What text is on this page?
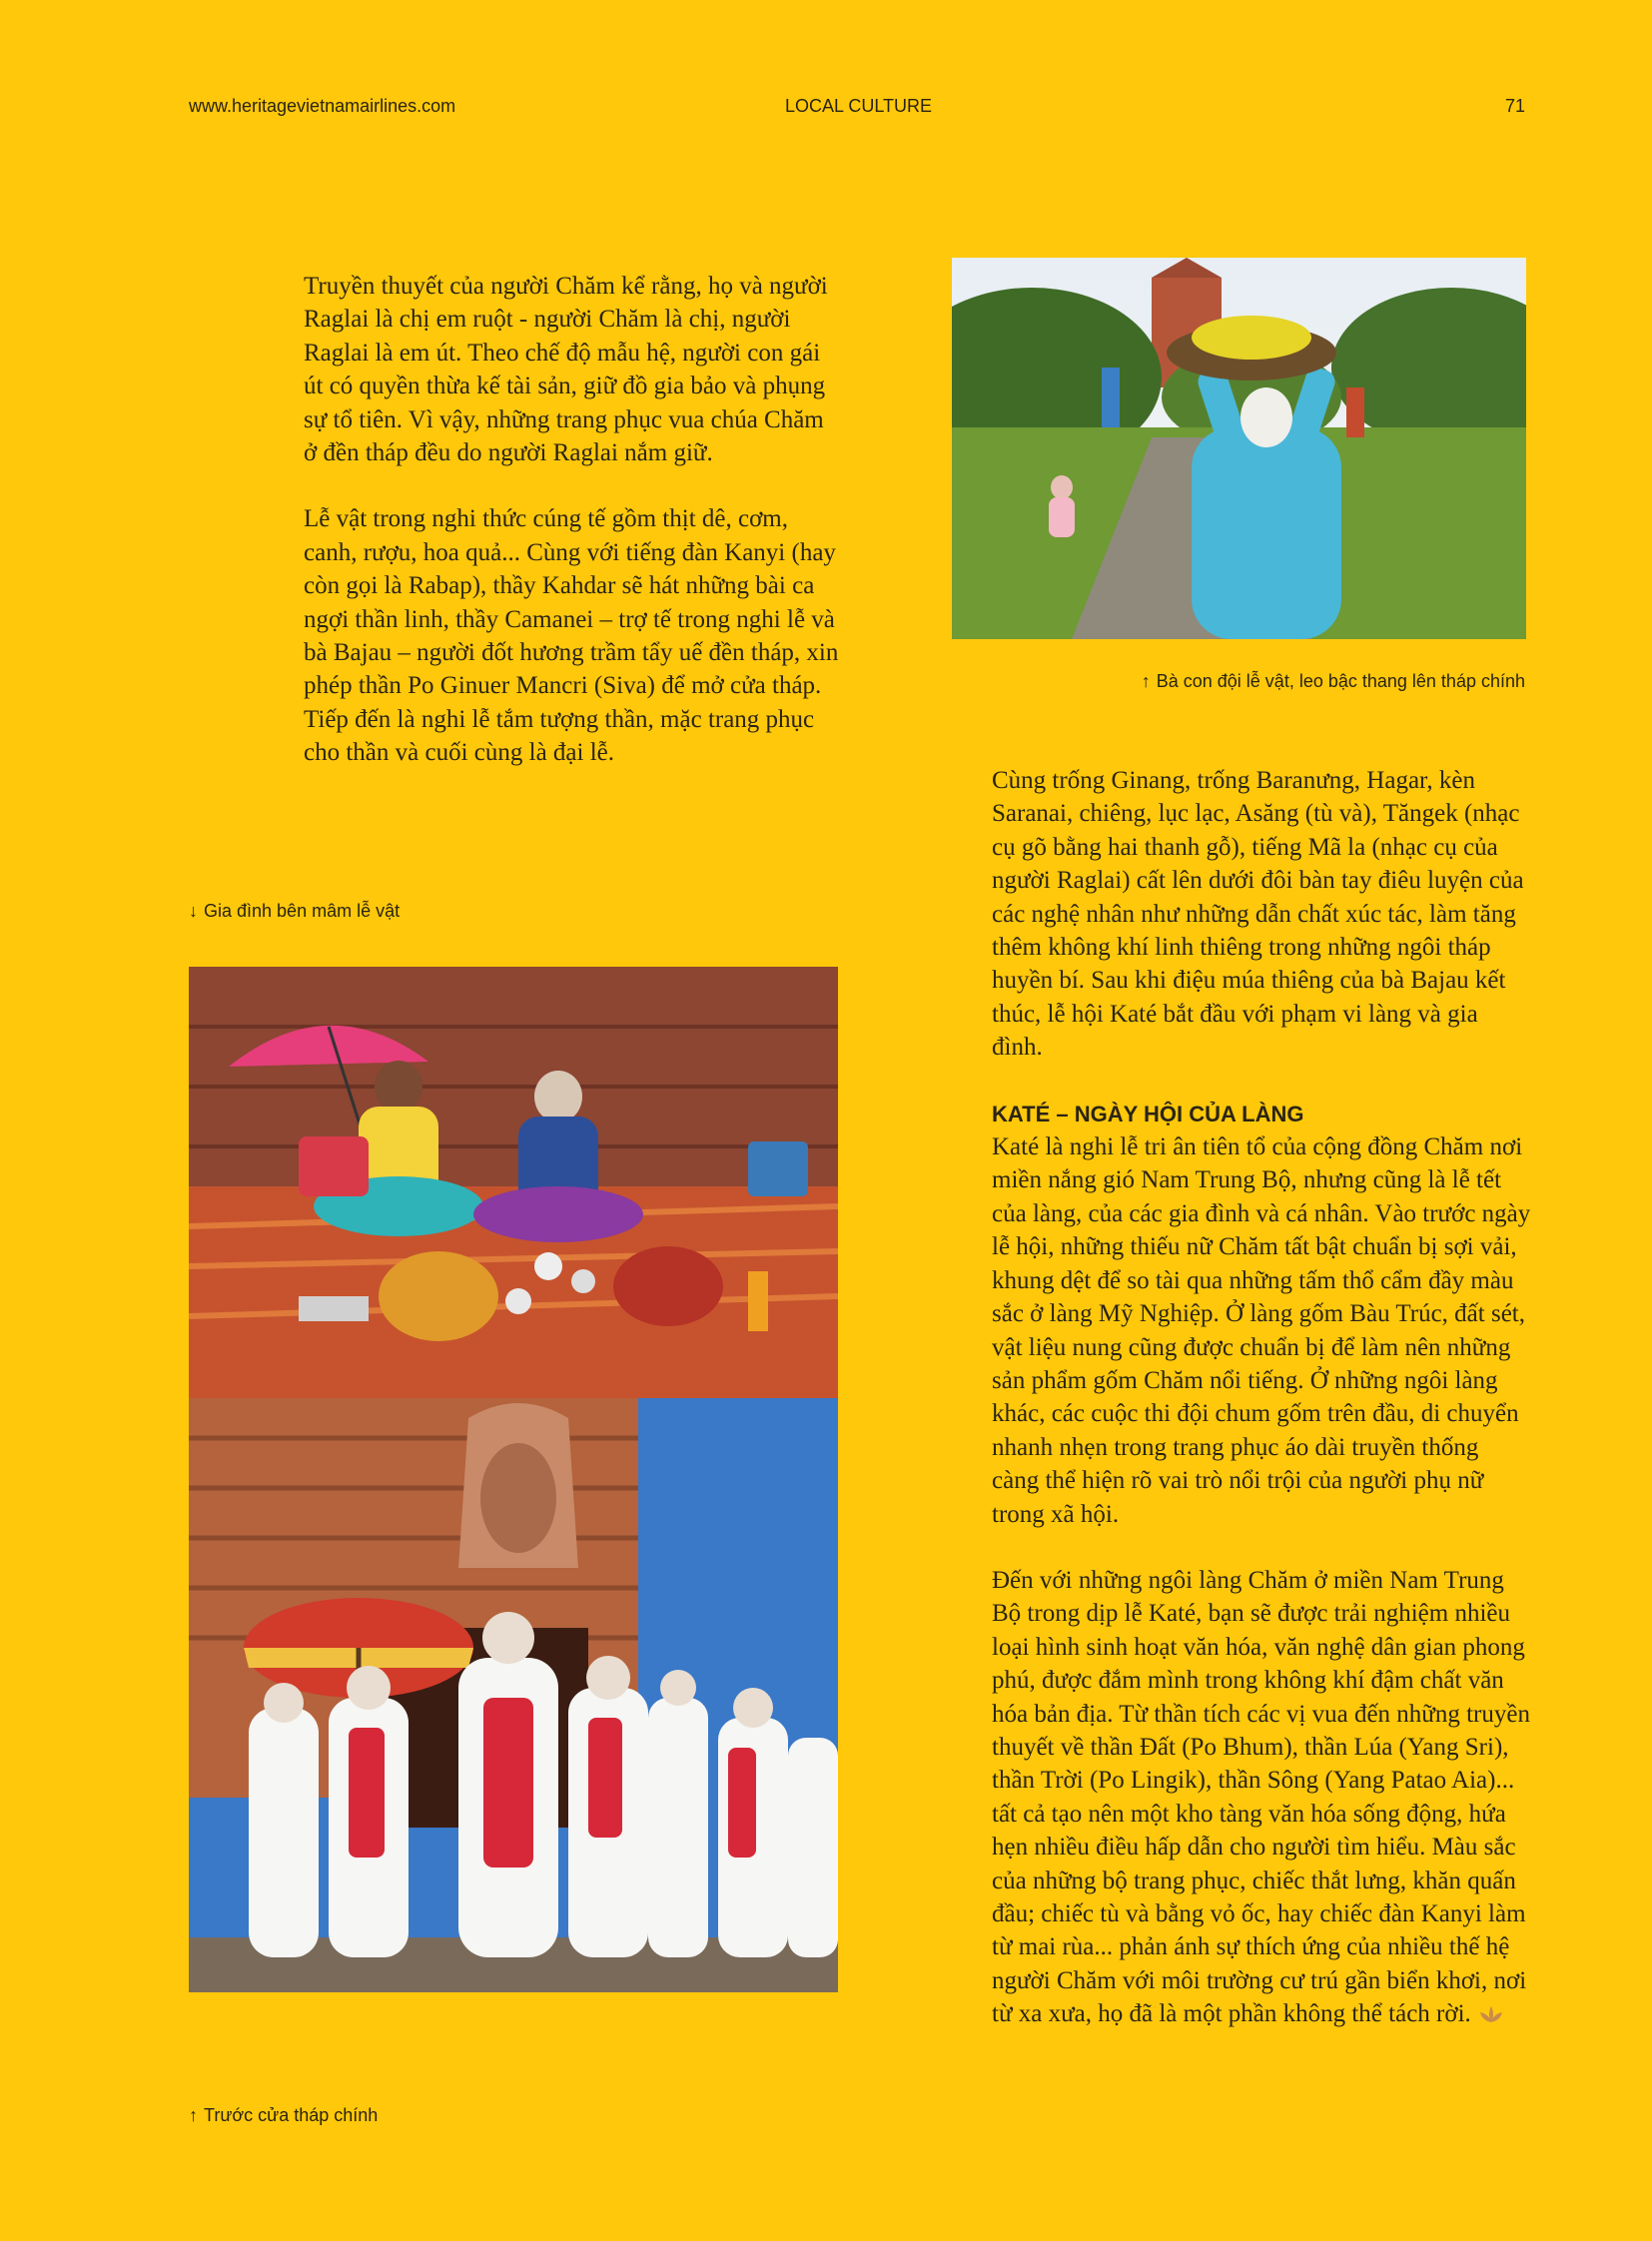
www.heritagevietnamairlines.com	LOCAL CULTURE	71

Truyền thuyết của người Chăm kể rằng, họ và người Raglai là chị em ruột - người Chăm là chị, người Raglai là em út. Theo chế độ mẫu hệ, người con gái út có quyền thừa kế tài sản, giữ đồ gia bảo và phụng sự tổ tiên. Vì vậy, những trang phục vua chúa Chăm ở đền tháp đều do người Raglai nắm giữ.

Lễ vật trong nghi thức cúng tế gồm thịt dê, cơm, canh, rượu, hoa quả... Cùng với tiếng đàn Kanyi (hay còn gọi là Rabap), thầy Kahdar sẽ hát những bài ca ngợi thần linh, thầy Camanei – trợ tế trong nghi lễ và bà Bajau – người đốt hương trầm tẩy uế đền tháp, xin phép thần Po Ginuer Mancri (Siva) để mở cửa tháp. Tiếp đến là nghi lễ tắm tượng thần, mặc trang phục cho thần và cuối cùng là đại lễ.

↑ Bà con đội lễ vật, leo bậc thang lên tháp chính
↓ Gia đình bên mâm lễ vật
↑ Trước cửa tháp chính

Cùng trống Ginang, trống Baranưng, Hagar, kèn Saranai, chiêng, lục lạc, Asăng (tù và), Tăngek (nhạc cụ gõ bằng hai thanh gỗ), tiếng Mã la (nhạc cụ của người Raglai) cất lên dưới đôi bàn tay điêu luyện của các nghệ nhân như những dẫn chất xúc tác, làm tăng thêm không khí linh thiêng trong những ngôi tháp huyền bí. Sau khi điệu múa thiêng của bà Bajau kết thúc, lễ hội Katé bắt đầu với phạm vi làng và gia đình.

KATÉ – NGÀY HỘI CỦA LÀNG

Katé là nghi lễ tri ân tiên tổ của cộng đồng Chăm nơi miền nắng gió Nam Trung Bộ, nhưng cũng là lễ tết của làng, của các gia đình và cá nhân. Vào trước ngày lễ hội, những thiếu nữ Chăm tất bật chuẩn bị sợi vải, khung dệt để so tài qua những tấm thổ cẩm đầy màu sắc ở làng Mỹ Nghiệp. Ở làng gốm Bàu Trúc, đất sét, vật liệu nung cũng được chuẩn bị để làm nên những sản phẩm gốm Chăm nổi tiếng. Ở những ngôi làng khác, các cuộc thi đội chum gốm trên đầu, di chuyển nhanh nhẹn trong trang phục áo dài truyền thống càng thể hiện rõ vai trò nổi trội của người phụ nữ trong xã hội.

Đến với những ngôi làng Chăm ở miền Nam Trung Bộ trong dịp lễ Katé, bạn sẽ được trải nghiệm nhiều loại hình sinh hoạt văn hóa, văn nghệ dân gian phong phú, được đắm mình trong không khí đậm chất văn hóa bản địa. Từ thần tích các vị vua đến những truyền thuyết về thần Đất (Po Bhum), thần Lúa (Yang Sri), thần Trời (Po Lingik), thần Sông (Yang Patao Aia)... tất cả tạo nên một kho tàng văn hóa sống động, hứa hẹn nhiều điều hấp dẫn cho người tìm hiểu. Màu sắc của những bộ trang phục, chiếc thắt lưng, khăn quấn đầu; chiếc tù và bằng vỏ ốc, hay chiếc đàn Kanyi làm từ mai rùa... phản ánh sự thích ứng của nhiều thế hệ người Chăm với môi trường cư trú gần biển khơi, nơi từ xa xưa, họ đã là một phần không thể tách rời.
